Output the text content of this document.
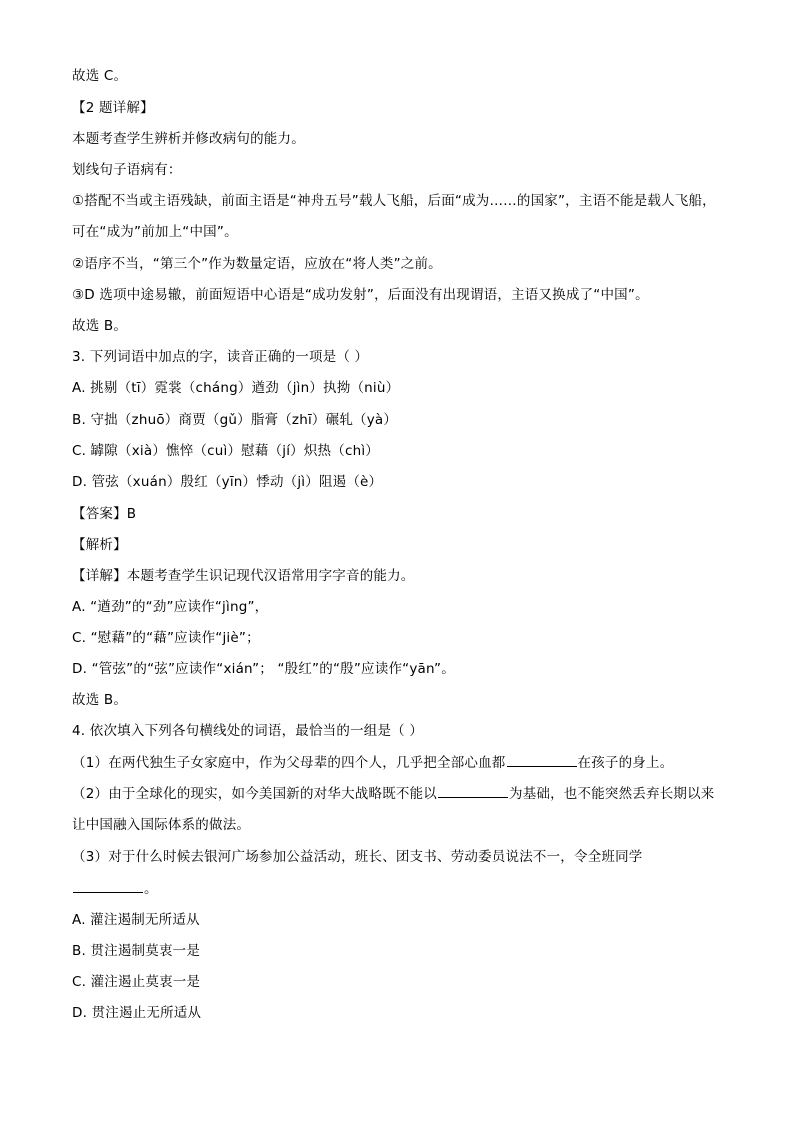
故选 C。
【2 题详解】
本题考查学生辨析并修改病句的能力。
划线句子语病有：
①搭配不当或主语残缺，前面主语是“神舟五号”载人飞船，后面“成为……的国家”，主语不能是载人飞船，可在“成为”前加上“中国”。
②语序不当，“第三个”作为数量定语，应放在“将人类”之前。
③D 选项中途易辙，前面短语中心语是“成功发射”，后面没有出现谓语，主语又换成了“中国”。
故选 B。
3. 下列词语中加点的字，读音正确的一项是（ ）
A. 挑剔（tī）霓裳（cháng）遒劲（jìn）执拗（niù）
B. 守拙（zhuō）商贾（gǔ）脂膏（zhī）碾轧（yà）
C. 罅隙（xià）憔悴（cuì）慰藉（jí）炽热（chì）
D. 管弦（xuán）殷红（yīn）悸动（jì）阻遏（è）
【答案】B
【解析】
【详解】本题考查学生识记现代汉语常用字字音的能力。
A. “遒劲”的“劲”应读作“jìng”，
C. “慰藉”的“藉”应读作“jiè”；
D. “管弦”的“弦”应读作“xián”； “殷红”的“殷”应读作“yān”。
故选 B。
4. 依次填入下列各句横线处的词语，最恰当的一组是（ ）
（1）在两代独生子女家庭中，作为父母辈的四个人，几乎把全部心血都	在孩子的身上。
（2）由于全球化的现实，如今美国新的对华大战略既不能以	为基础，也不能突然丢弃长期以来让中国融入国际体系的做法。
（3）对于什么时候去银河广场参加公益活动，班长、团支书、劳动委员说法不一，令全班同学
。
A. 灌注遏制无所适从
B. 贯注遏制莫衷一是
C. 灌注遏止莫衷一是
D. 贯注遏止无所适从
